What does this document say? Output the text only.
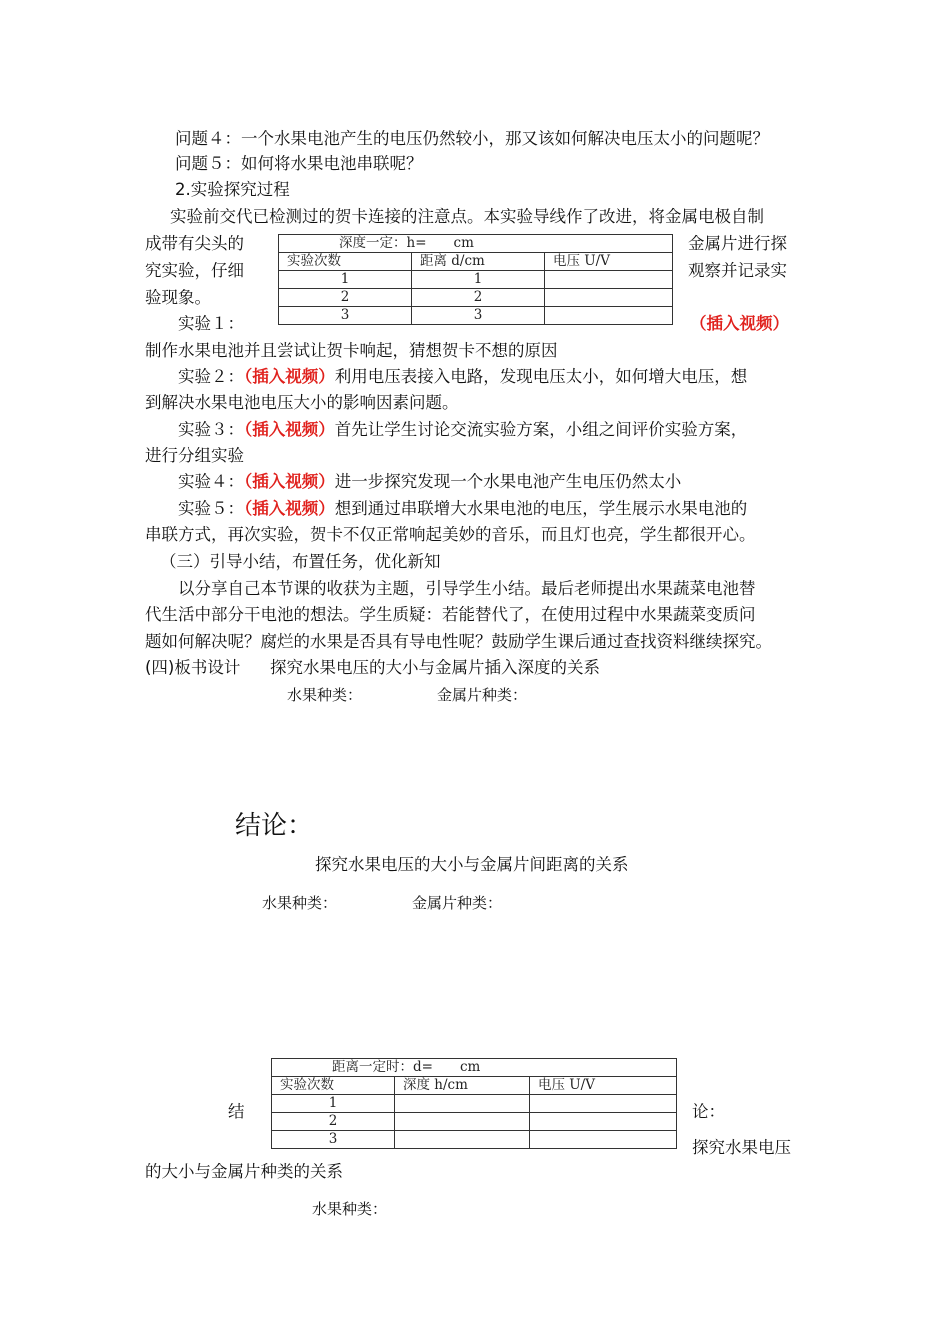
问题４：一个水果电池产生的电压仍然较小，那又该如何解决电压太小的问题呢？
问题５：如何将水果电池串联呢？
2.实验探究过程
实验前交代已检测过的贺卡连接的注意点。本实验导线作了改进，将金属电极自制
成带有尖头的
究实验，仔细
验现象。
金属片进行探
观察并记录实
深度一定：h=　　cm		
实验次数	距离 d/cm	电压 U/V
1	1	
2	2	
3	3	
实验１：	（插入视频）
制作水果电池并且尝试让贺卡响起，猜想贺卡不想的原因
实验２：（插入视频）利用电压表接入电路，发现电压太小，如何增大电压，想
到解决水果电池电压大小的影响因素问题。
实验３：（插入视频）首先让学生讨论交流实验方案，小组之间评价实验方案，
进行分组实验
实验４：（插入视频）进一步探究发现一个水果电池产生电压仍然太小
实验５：（插入视频）想到通过串联增大水果电池的电压，学生展示水果电池的
串联方式，再次实验，贺卡不仅正常响起美妙的音乐，而且灯也亮，学生都很开心。
（三）引导小结，布置任务，优化新知
以分享自己本节课的收获为主题，引导学生小结。最后老师提出水果蔬菜电池替
代生活中部分干电池的想法。学生质疑：若能替代了，在使用过程中水果蔬菜变质问
题如何解决呢？腐烂的水果是否具有导电性呢？鼓励学生课后通过查找资料继续探究。
(四)板书设计 探究水果电压的大小与金属片插入深度的关系
水果种类：	金属片种类：
结论：
探究水果电压的大小与金属片间距离的关系
水果种类：	金属片种类：
距离一定时：d=　　cm		
实验次数	深度 h/cm	电压 U/V
1		
2		
3		
结	论：
探究水果电压
的大小与金属片种类的关系
水果种类：
